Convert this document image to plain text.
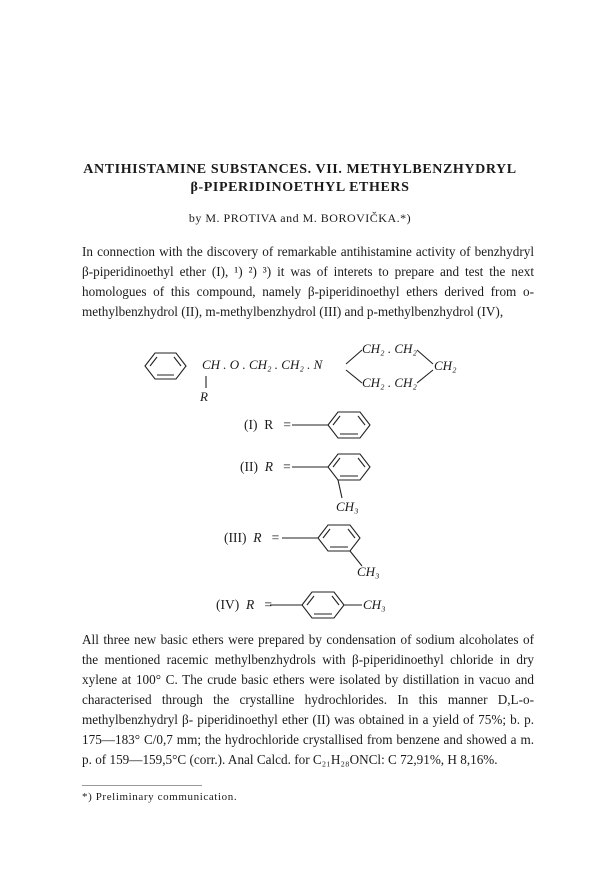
ANTIHISTAMINE SUBSTANCES. VII. METHYLBENZHYDRYL
β-PIPERIDINOETHYL ETHERS
by M. PROTIVA and M. BOROVIČKA.*)

In connection with the discovery of remarkable antihistamine activity of benzhydryl β-piperidinoethyl ether (I), ¹) ²) ³) it was of interets to prepare and test the next homologues of this compound, namely β-piperidinoethyl ethers derived from o-methylbenzhydrol (II), m-methylbenzhydrol (III) and p-methylbenzhydrol (IV),

CH . O . CH₂ . CH₂ . N
CH₂ . CH₂
CH₂ . CH₂
CH₂
R
(I) R =
(II) R =
CH₃
(III) R =
CH₃
(IV) R =	CH₃

All three new basic ethers were prepared by condensation of sodium alcoholates of the mentioned racemic methylbenzhydrols with β-piperidinoethyl chloride in dry xylene at 100° C. The crude basic ethers were isolated by distillation in vacuo and characterised through the crystalline hydrochlorides. In this manner D,L-o-methylbenzhydryl β- piperidinoethyl ether (II) was obtained in a yield of 75%; b. p. 175—183° C/0,7 mm; the hydrochloride crystallised from benzene and showed a m. p. of 159—159,5°C (corr.). Anal Calcd. for C₂₁H₂₈ONCl: C 72,91%, H 8,16%.

*) Preliminary communication.
